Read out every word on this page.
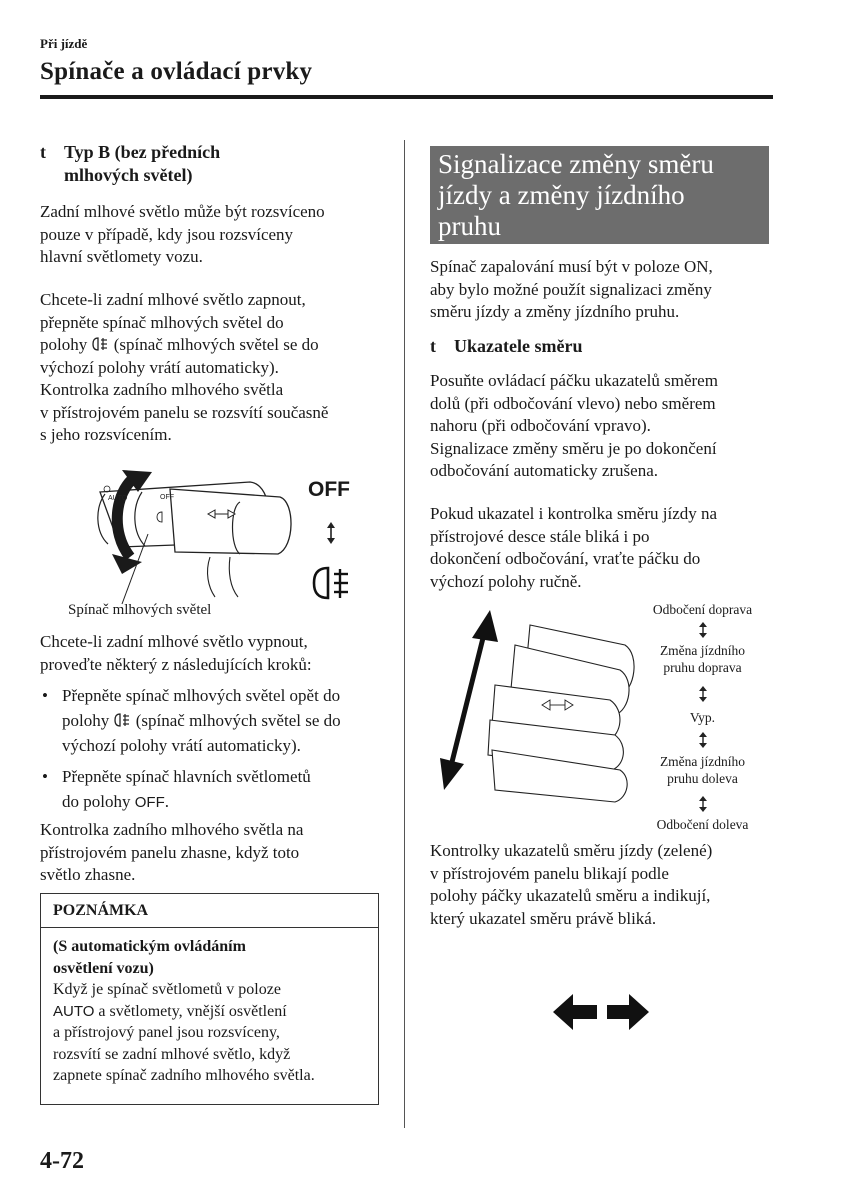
Při jízdě
Spínače a ovládací prvky
t Typ B (bez předních
mlhových světel)
Zadní mlhové světlo může být rozsvíceno
pouze v případě, kdy jsou rozsvíceny
hlavní světlomety vozu.
Chcete-li zadní mlhové světlo zapnout,
přepněte spínač mlhových světel do
polohy  (spínač mlhových světel se do
výchozí polohy vrátí automaticky).
Kontrolka zadního mlhového světla
v přístrojovém panelu se rozsvítí současně
s jeho rozsvícením.
OFF
AUTO	OFF
Spínač mlhových světel
Chcete-li zadní mlhové světlo vypnout,
proveďte některý z následujících kroků:
• Přepněte spínač mlhových světel opět do
polohy  (spínač mlhových světel se do
výchozí polohy vrátí automaticky).
• Přepněte spínač hlavních světlometů
do polohy OFF.
Kontrolka zadního mlhového světla na
přístrojovém panelu zhasne, když toto
světlo zhasne.
POZNÁMKA
(S automatickým ovládáním
osvětlení vozu)
Když je spínač světlometů v poloze
AUTO a světlomety, vnější osvětlení
a přístrojový panel jsou rozsvíceny,
rozsvítí se zadní mlhové světlo, když
zapnete spínač zadního mlhového světla.
Signalizace změny směru
jízdy a změny jízdního
pruhu
Spínač zapalování musí být v poloze ON,
aby bylo možné použít signalizaci změny
směru jízdy a změny jízdního pruhu.
t Ukazatele směru
Posuňte ovládací páčku ukazatelů směrem
dolů (při odbočování vlevo) nebo směrem
nahoru (při odbočování vpravo).
Signalizace změny směru je po dokončení
odbočování automaticky zrušena.
Pokud ukazatel i kontrolka směru jízdy na
přístrojové desce stále bliká i po
dokončení odbočování, vraťte páčku do
výchozí polohy ručně.
Odbočení doprava
Změna jízdního
pruhu doprava
Vyp.
Změna jízdního
pruhu doleva
Odbočení doleva
Kontrolky ukazatelů směru jízdy (zelené)
v přístrojovém panelu blikají podle
polohy páčky ukazatelů směru a indikují,
který ukazatel směru právě bliká.
4-72
